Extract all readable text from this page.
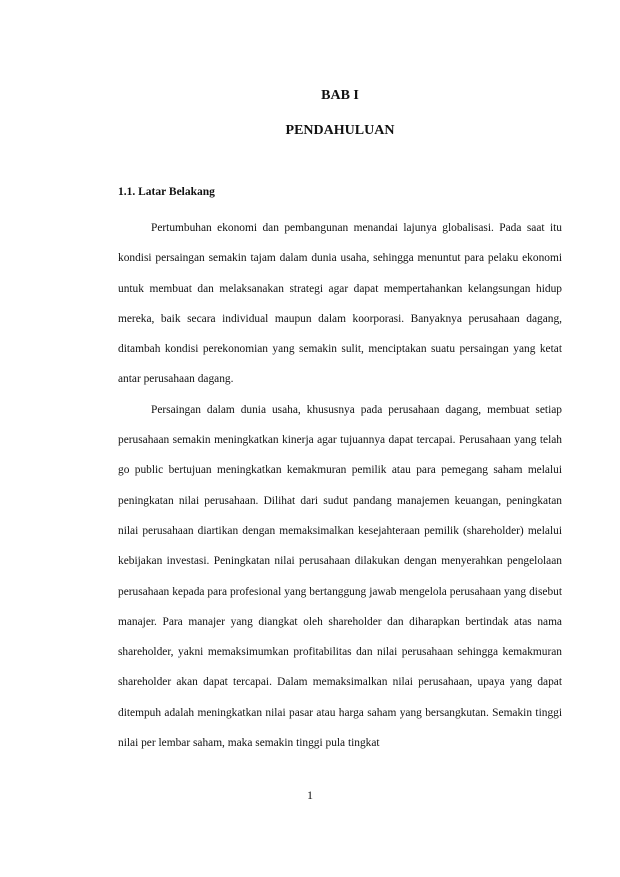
BAB I
PENDAHULUAN
1.1. Latar Belakang

Pertumbuhan ekonomi dan pembangunan menandai lajunya globalisasi. Pada saat itu kondisi persaingan semakin tajam dalam dunia usaha, sehingga menuntut para pelaku ekonomi untuk membuat dan melaksanakan strategi agar dapat mempertahankan kelangsungan hidup mereka, baik secara individual maupun dalam koorporasi. Banyaknya perusahaan dagang, ditambah kondisi perekonomian yang semakin sulit, menciptakan suatu persaingan yang ketat antar perusahaan dagang.

Persaingan dalam dunia usaha, khususnya pada perusahaan dagang, membuat setiap perusahaan semakin meningkatkan kinerja agar tujuannya dapat tercapai. Perusahaan yang telah go public bertujuan meningkatkan kemakmuran pemilik atau para pemegang saham melalui peningkatan nilai perusahaan. Dilihat dari sudut pandang manajemen keuangan, peningkatan nilai perusahaan diartikan dengan memaksimalkan kesejahteraan pemilik (shareholder) melalui kebijakan investasi. Peningkatan nilai perusahaan dilakukan dengan menyerahkan pengelolaan perusahaan kepada para profesional yang bertanggung jawab mengelola perusahaan yang disebut manajer. Para manajer yang diangkat oleh shareholder dan diharapkan bertindak atas nama shareholder, yakni memaksimumkan profitabilitas dan nilai perusahaan sehingga kemakmuran shareholder akan dapat tercapai. Dalam memaksimalkan nilai perusahaan, upaya yang dapat ditempuh adalah meningkatkan nilai pasar atau harga saham yang bersangkutan. Semakin tinggi nilai per lembar saham, maka semakin tinggi pula tingkat

1
